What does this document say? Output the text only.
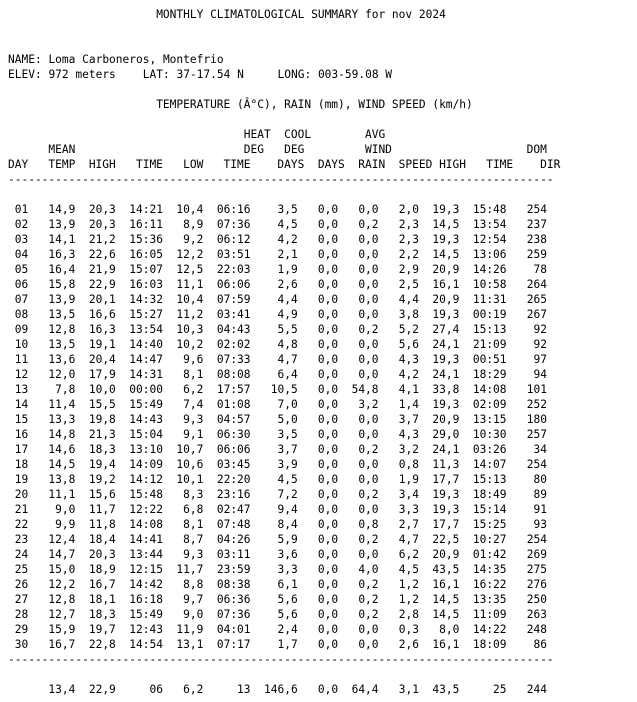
MONTHLY CLIMATOLOGICAL SUMMARY for nov 2024

NAME: Loma Carboneros, Montefrio
ELEV: 972 meters LAT: 37-17.54 N	LONG: 003-59.08 W

TEMPERATURE (Â°C), RAIN (mm), WIND SPEED (km/h)

HEAT  COOL        AVG
MEAN                         DEG   DEG         WIND                    DOM
DAY   TEMP  HIGH   TIME   LOW   TIME    DAYS  DAYS  RAIN  SPEED HIGH   TIME    DIR
---------------------------------------------------------------------------------

01   14,9  20,3  14:21  10,4  06:16    3,5   0,0   0,0   2,0  19,3  15:48   254
02   13,9  20,3  16:11   8,9  07:36    4,5   0,0   0,2   2,3  14,5  13:54   237
03   14,1  21,2  15:36   9,2  06:12    4,2   0,0   0,0   2,3  19,3  12:54   238
04   16,3  22,6  16:05  12,2  03:51    2,1   0,0   0,0   2,2  14,5  13:06   259
05   16,4  21,9  15:07  12,5  22:03    1,9   0,0   0,0   2,9  20,9  14:26    78
06   15,8  22,9  16:03  11,1  06:06    2,6   0,0   0,0   2,5  16,1  10:58   264
07   13,9  20,1  14:32  10,4  07:59    4,4   0,0   0,0   4,4  20,9  11:31   265
08   13,5  16,6  15:27  11,2  03:41    4,9   0,0   0,0   3,8  19,3  00:19   267
09   12,8  16,3  13:54  10,3  04:43    5,5   0,0   0,2   5,2  27,4  15:13    92
10   13,5  19,1  14:40  10,2  02:02    4,8   0,0   0,0   5,6  24,1  21:09    92
11   13,6  20,4  14:47   9,6  07:33    4,7   0,0   0,0   4,3  19,3  00:51    97
12   12,0  17,9  14:31   8,1  08:08    6,4   0,0   0,0   4,2  24,1  18:29    94
13    7,8  10,0  00:00   6,2  17:57   10,5   0,0  54,8   4,1  33,8  14:08   101
14   11,4  15,5  15:49   7,4  01:08    7,0   0,0   3,2   1,4  19,3  02:09   252
15   13,3  19,8  14:43   9,3  04:57    5,0   0,0   0,0   3,7  20,9  13:15   180
16   14,8  21,3  15:04   9,1  06:30    3,5   0,0   0,0   4,3  29,0  10:30   257
17   14,6  18,3  13:10  10,7  06:06    3,7   0,0   0,2   3,2  24,1  03:26    34
18   14,5  19,4  14:09  10,6  03:45    3,9   0,0   0,0   0,8  11,3  14:07   254
19   13,8  19,2  14:12  10,1  22:20    4,5   0,0   0,0   1,9  17,7  15:13    80
20   11,1  15,6  15:48   8,3  23:16    7,2   0,0   0,2   3,4  19,3  18:49    89
21    9,0  11,7  12:22   6,8  02:47    9,4   0,0   0,0   3,3  19,3  15:14    91
22    9,9  11,8  14:08   8,1  07:48    8,4   0,0   0,8   2,7  17,7  15:25    93
23   12,4  18,4  14:41   8,7  04:26    5,9   0,0   0,2   4,7  22,5  10:27   254
24   14,7  20,3  13:44   9,3  03:11    3,6   0,0   0,0   6,2  20,9  01:42   269
25   15,0  18,9  12:15  11,7  23:59    3,3   0,0   4,0   4,5  43,5  14:35   275
26   12,2  16,7  14:42   8,8  08:38    6,1   0,0   0,2   1,2  16,1  16:22   276
27   12,8  18,1  16:18   9,7  06:36    5,6   0,0   0,2   1,2  14,5  13:35   250
28   12,7  18,3  15:49   9,0  07:36    5,6   0,0   0,2   2,8  14,5  11:09   263
29   15,9  19,7  12:43  11,9  04:01    2,4   0,0   0,0   0,3   8,0  14:22   248
30   16,7  22,8  14:54  13,1  07:17    1,7   0,0   0,0   2,6  16,1  18:09    86
---------------------------------------------------------------------------------

13,4  22,9     06   6,2     13  146,6   0,0  64,4   3,1  43,5     25   244
